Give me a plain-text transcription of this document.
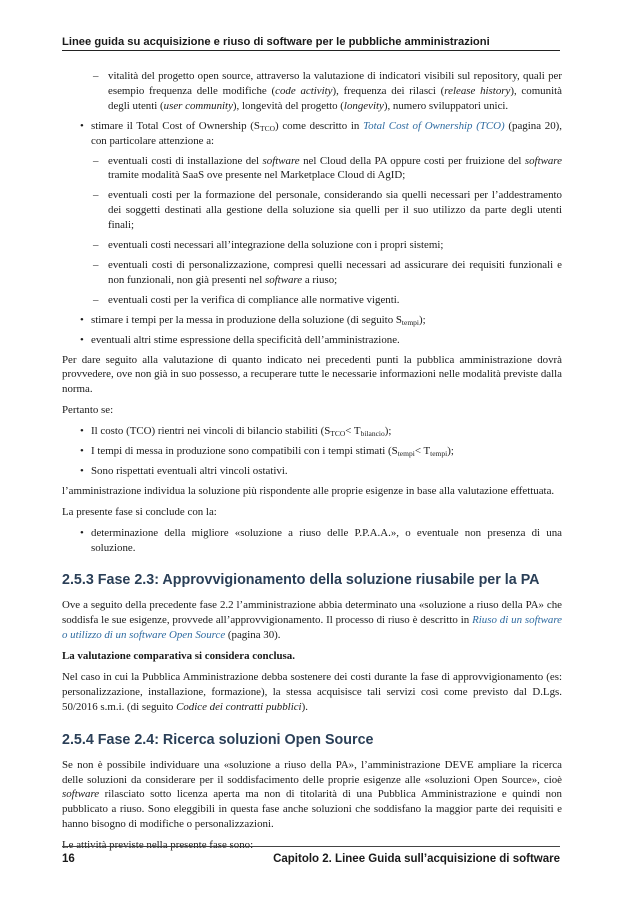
Linee guida su acquisizione e riuso di software per le pubbliche amministrazioni
– vitalità del progetto open source, attraverso la valutazione di indicatori visibili sul repository, quali per esempio frequenza delle modifiche (code activity), frequenza dei rilasci (release history), comunità degli utenti (user community), longevità del progetto (longevity), numero sviluppatori unici.
• stimare il Total Cost of Ownership $(S_{TCO})$ come descritto in Total Cost of Ownership (TCO) (pagina 20), con particolare attenzione a:
– eventuali costi di installazione del software nel Cloud della PA oppure costi per fruizione del software tramite modalità SaaS ove presente nel Marketplace Cloud di AgID;
– eventuali costi per la formazione del personale, considerando sia quelli necessari per l’addestramento dei soggetti destinati alla gestione della soluzione sia quelli per il suo utilizzo da parte degli utenti finali;
– eventuali costi necessari all’integrazione della soluzione con i propri sistemi;
– eventuali costi di personalizzazione, compresi quelli necessari ad assicurare dei requisiti funzionali e non funzionali, non già presenti nel software a riuso;
– eventuali costi per la verifica di compliance alle normative vigenti.
• stimare i tempi per la messa in produzione della soluzione (di seguito $S_{tempi}$);
• eventuali altri stime espressione della specificità dell’amministrazione.

Per dare seguito alla valutazione di quanto indicato nei precedenti punti la pubblica amministrazione dovrà provvedere, ove non già in suo possesso, a recuperare tutte le necessarie informazioni nelle modalità previste dalla norma.

Pertanto se:

• Il costo (TCO) rientri nei vincoli di bilancio stabiliti $(S_{TCO}< T_{bilancio})$;
• I tempi di messa in produzione sono compatibili con i tempi stimati $(S_{tempi}< T_{tempi})$;
• Sono rispettati eventuali altri vincoli ostativi.

l’amministrazione individua la soluzione più rispondente alle proprie esigenze in base alla valutazione effettuata.

La presente fase si conclude con la:

• determinazione della migliore «soluzione a riuso delle P.P.A.A.», o eventuale non presenza di una soluzione.
2.5.3 Fase 2.3: Approvvigionamento della soluzione riusabile per la PA

Ove a seguito della precedente fase 2.2 l’amministrazione abbia determinato una «soluzione a riuso della PA» che soddisfa le sue esigenze, provvede all’approvvigionamento. Il processo di riuso è descritto in Riuso di un software o utilizzo di un software Open Source (pagina 30).

La valutazione comparativa si considera conclusa.

Nel caso in cui la Pubblica Amministrazione debba sostenere dei costi durante la fase di approvvigionamento (es: personalizzazione, installazione, formazione), la stessa acquisisce tali servizi così come previsto dal D.Lgs. 50/2016 s.m.i. (di seguito Codice dei contratti pubblici).

2.5.4 Fase 2.4: Ricerca soluzioni Open Source

Se non è possibile individuare una «soluzione a riuso della PA», l’amministrazione DEVE ampliare la ricerca delle soluzioni da considerare per il soddisfacimento delle proprie esigenze alle «soluzioni Open Source», cioè software rilasciato sotto licenza aperta ma non di titolarità di una Pubblica Amministrazione e quindi non pubblicato a riuso. Sono eleggibili in questa fase anche soluzioni che soddisfano la maggior parte dei requisiti e hanno bisogno di modifiche o personalizzazioni.

Le attività previste nella presente fase sono:

16	Capitolo 2. Linee Guida sull’acquisizione di software
